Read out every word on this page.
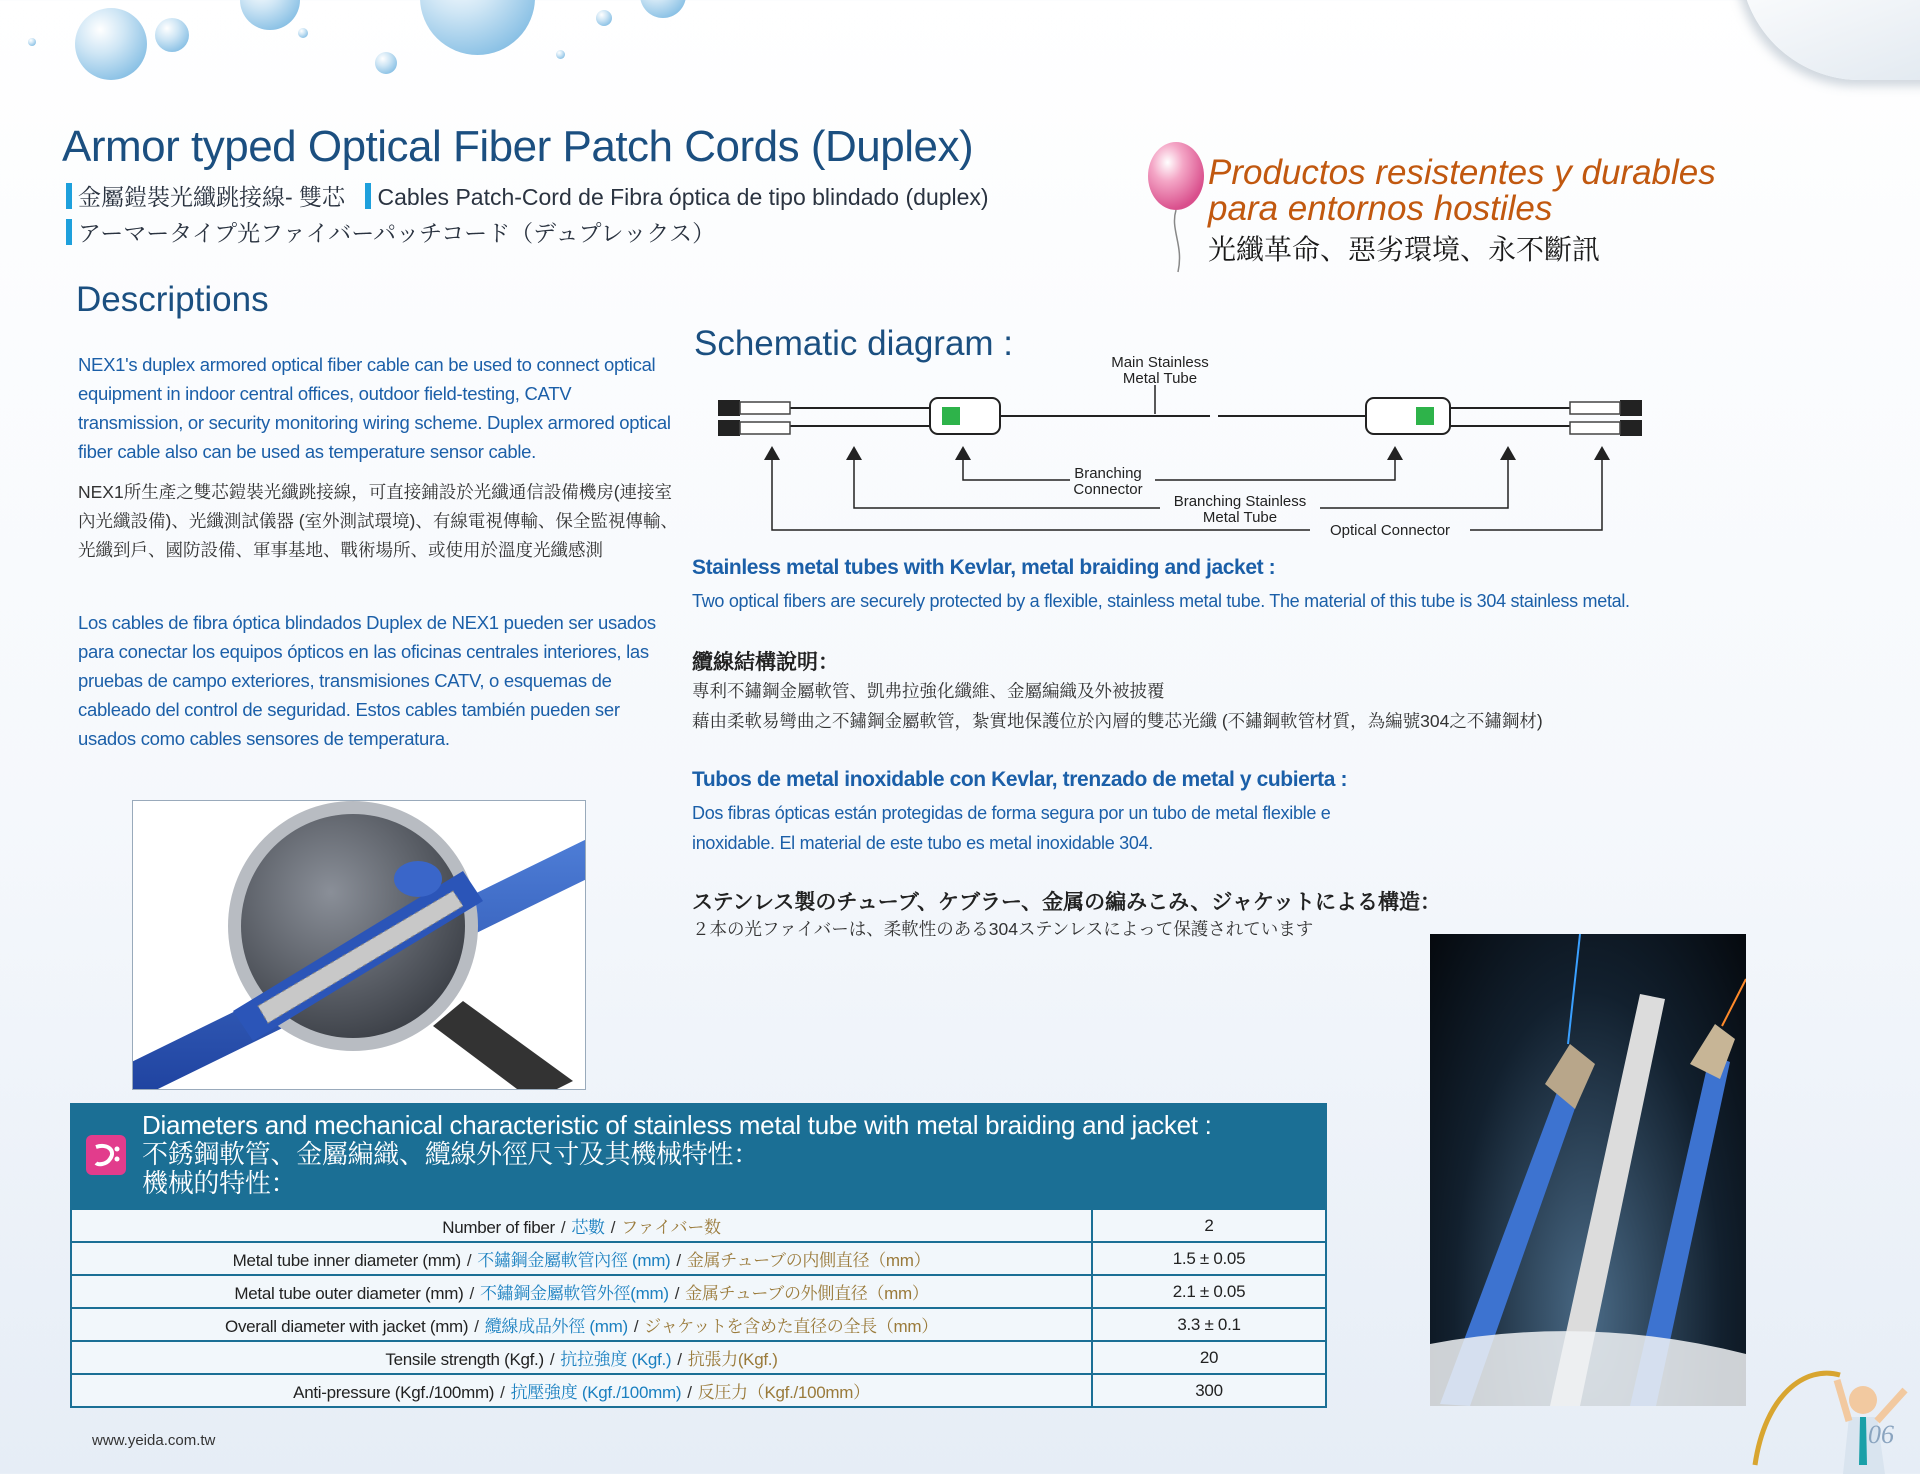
Armor typed Optical Fiber Patch Cords (Duplex)
金屬鎧裝光纖跳接線- 雙芯 Cables Patch-Cord de Fibra óptica de tipo blindado (duplex)
アーマータイプ光ファイバーパッチコード（デュプレックス）
Productos resistentes y durables para entornos hostiles
光纖革命、惡劣環境、永不斷訊
Descriptions
NEX1's duplex armored optical fiber cable can be used to connect optical equipment in indoor central offices, outdoor field-testing, CATV transmission, or security monitoring wiring scheme. Duplex armored optical fiber cable also can be used as temperature sensor cable.
NEX1所生產之雙芯鎧裝光纖跳接線，可直接鋪設於光纖通信設備機房(連接室內光纖設備)、光纖測試儀器 (室外測試環境)、有線電視傳輸、保全監視傳輸、光纖到戶、國防設備、軍事基地、戰術場所、或使用於溫度光纖感測
Los cables de fibra óptica blindados Duplex de NEX1 pueden ser usados para conectar los equipos ópticos en las oficinas centrales interiores, las pruebas de campo exteriores, transmisiones CATV, o esquemas de cableado del control de seguridad. Estos cables también pueden ser usados como cables sensores de temperatura.
Schematic diagram :	Main Stainless
Metal Tube
Branching
Connector
Branching Stainless
Metal Tube
Optical Connector
Stainless metal tubes with Kevlar, metal braiding and jacket :
Two optical fibers are securely protected by a flexible, stainless metal tube. The material of this tube is 304 stainless metal.
纜線結構說明：
專利不鏽鋼金屬軟管、凱弗拉強化纖維、金屬編織及外被披覆
藉由柔軟易彎曲之不鏽鋼金屬軟管，紮實地保護位於內層的雙芯光纖 (不鏽鋼軟管材質，為編號304之不鏽鋼材)
Tubos de metal inoxidable con Kevlar, trenzado de metal y cubierta :
Dos fibras ópticas están protegidas de forma segura por un tubo de metal flexible e
inoxidable. El material de este tubo es metal inoxidable 304.
ステンレス製のチューブ、ケブラー、金属の編みこみ、ジャケットによる構造：
２本の光ファイバーは、柔軟性のある304ステンレスによって保護されています
Diameters and mechanical characteristic of stainless metal tube with metal braiding and jacket :
不銹鋼軟管、金屬編織、纜線外徑尺寸及其機械特性：
機械的特性：
Number of fiber / 芯數 / ファイバー数	2
Metal tube inner diameter (mm) / 不鏽鋼金屬軟管內徑 (mm) / 金属チューブの内側直径（mm）	1.5 ± 0.05
Metal tube outer diameter (mm) / 不鏽鋼金屬軟管外徑(mm) / 金属チューブの外側直径（mm）	2.1 ± 0.05
Overall diameter with jacket (mm) / 纜線成品外徑 (mm) / ジャケットを含めた直径の全長（mm）	3.3 ± 0.1
Tensile strength (Kgf.) / 抗拉強度 (Kgf.) / 抗張力(Kgf.)	20
Anti-pressure (Kgf./100mm) / 抗壓強度 (Kgf./100mm) / 反圧力（Kgf./100mm）	300
www.yeida.com.tw	06
